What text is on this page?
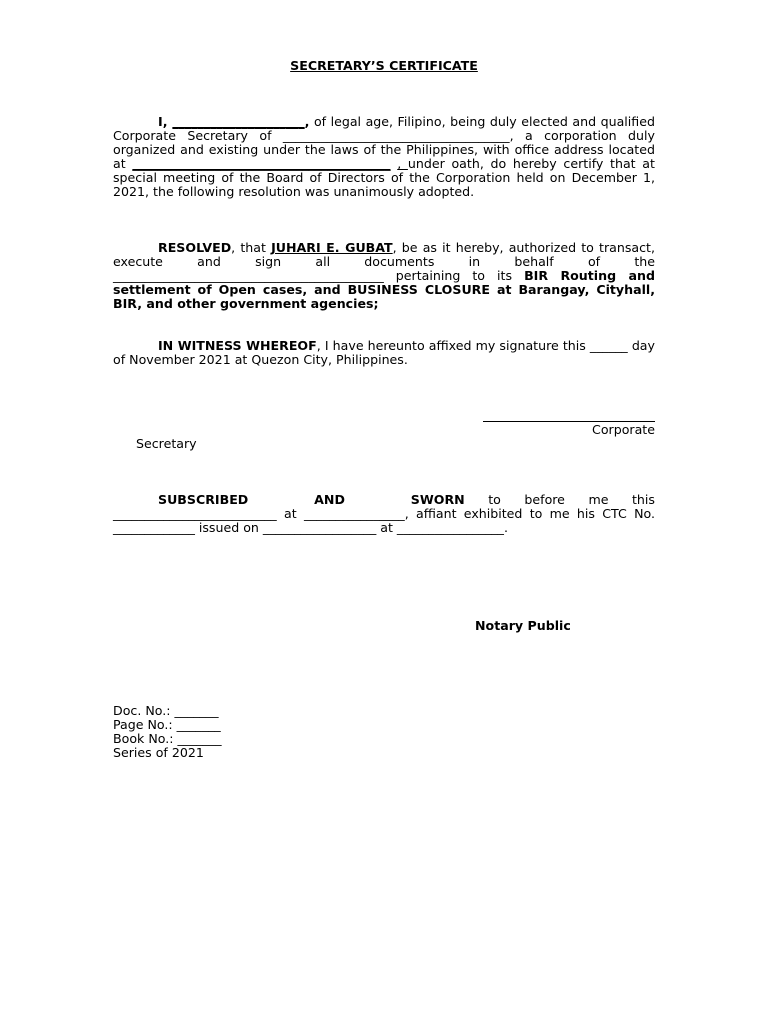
SECRETARY’S CERTIFICATE
I, _____________________, of legal age, Filipino, being duly elected and qualified Corporate Secretary of ____________________________________, a corporation duly organized and existing under the laws of the Philippines, with office address located at _________________________________________ , under oath, do hereby certify that at special meeting of the Board of Directors of the Corporation held on December 1, 2021, the following resolution was unanimously adopted.
RESOLVED, that JUHARI E. GUBAT, be as it hereby, authorized to transact, execute and sign all documents in behalf of the ___________________________________________ pertaining to its BIR Routing and settlement of Open cases, and BUSINESS CLOSURE at Barangay, Cityhall, BIR, and other government agencies;
IN WITNESS WHEREOF, I have hereunto affixed my signature this ______ day of November 2021 at Quezon City, Philippines.
Corporate
Secretary
SUBSCRIBED AND SWORN to before me this __________________________ at ________________, affiant exhibited to me his CTC No. _____________ issued on __________________ at _________________.
Notary Public
Doc. No.: _______
Page No.: _______
Book No.: _______
Series of 2021
